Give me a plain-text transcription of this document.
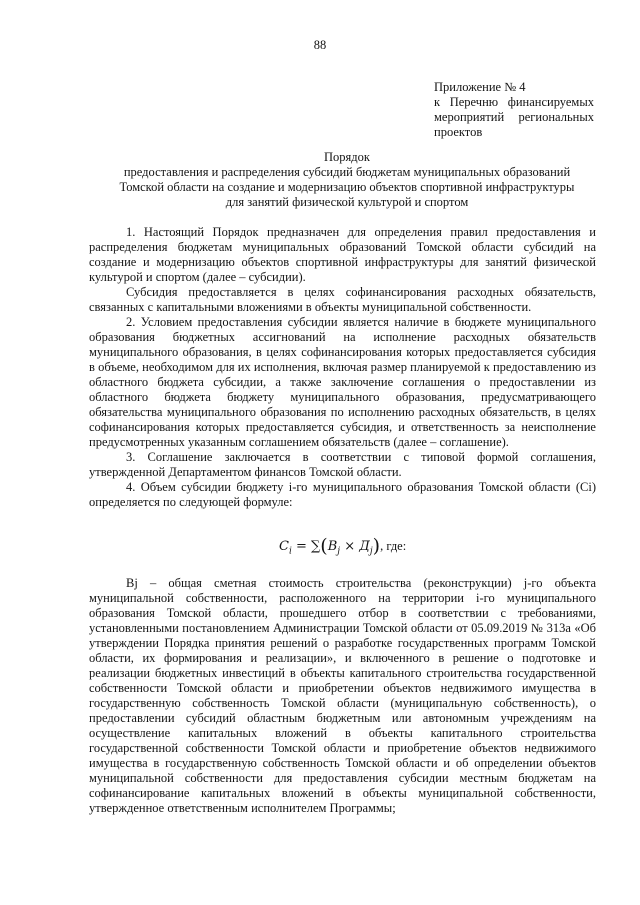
88
Приложение № 4
к Перечню финансируемых
мероприятий региональных
проектов
Порядок
предоставления и распределения субсидий бюджетам муниципальных образований
Томской области на создание и модернизацию объектов спортивной инфраструктуры
для занятий физической культурой и спортом

1. Настоящий Порядок предназначен для определения правил предоставления и распределения бюджетам муниципальных образований Томской области субсидий на создание и модернизацию объектов спортивной инфраструктуры для занятий физической культурой и спортом (далее – субсидии).

Субсидия предоставляется в целях софинансирования расходных обязательств, связанных с капитальными вложениями в объекты муниципальной собственности.

2. Условием предоставления субсидии является наличие в бюджете муниципального образования бюджетных ассигнований на исполнение расходных обязательств муниципального образования, в целях софинансирования которых предоставляется субсидия в объеме, необходимом для их исполнения, включая размер планируемой к предоставлению из областного бюджета субсидии, а также заключение соглашения о предоставлении из областного бюджета бюджету муниципального образования, предусматривающего обязательства муниципального образования по исполнению расходных обязательств, в целях софинансирования которых предоставляется субсидия, и ответственность за неисполнение предусмотренных указанным соглашением обязательств (далее – соглашение).

3. Соглашение заключается в соответствии с типовой формой соглашения, утвержденной Департаментом финансов Томской области.

4. Объем субсидии бюджету i-го муниципального образования Томской области (Ci) определяется по следующей формуле:

$C_i = \sum(B_j \times Д_j)$, где:

Вj – общая сметная стоимость строительства (реконструкции) j-го объекта муниципальной собственности, расположенного на территории i-го муниципального образования Томской области, прошедшего отбор в соответствии с требованиями, установленными постановлением Администрации Томской области от 05.09.2019 № 313а «Об утверждении Порядка принятия решений о разработке государственных программ Томской области, их формирования и реализации», и включенного в решение о подготовке и реализации бюджетных инвестиций в объекты капитального строительства государственной собственности Томской области и приобретении объектов недвижимого имущества в государственную собственность Томской области (муниципальную собственность), о предоставлении субсидий областным бюджетным или автономным учреждениям на осуществление капитальных вложений в объекты капитального строительства государственной собственности Томской области и приобретение объектов недвижимого имущества в государственную собственность Томской области и об определении объектов муниципальной собственности для предоставления субсидии местным бюджетам на софинансирование капитальных вложений в объекты муниципальной собственности, утвержденное ответственным исполнителем Программы;
